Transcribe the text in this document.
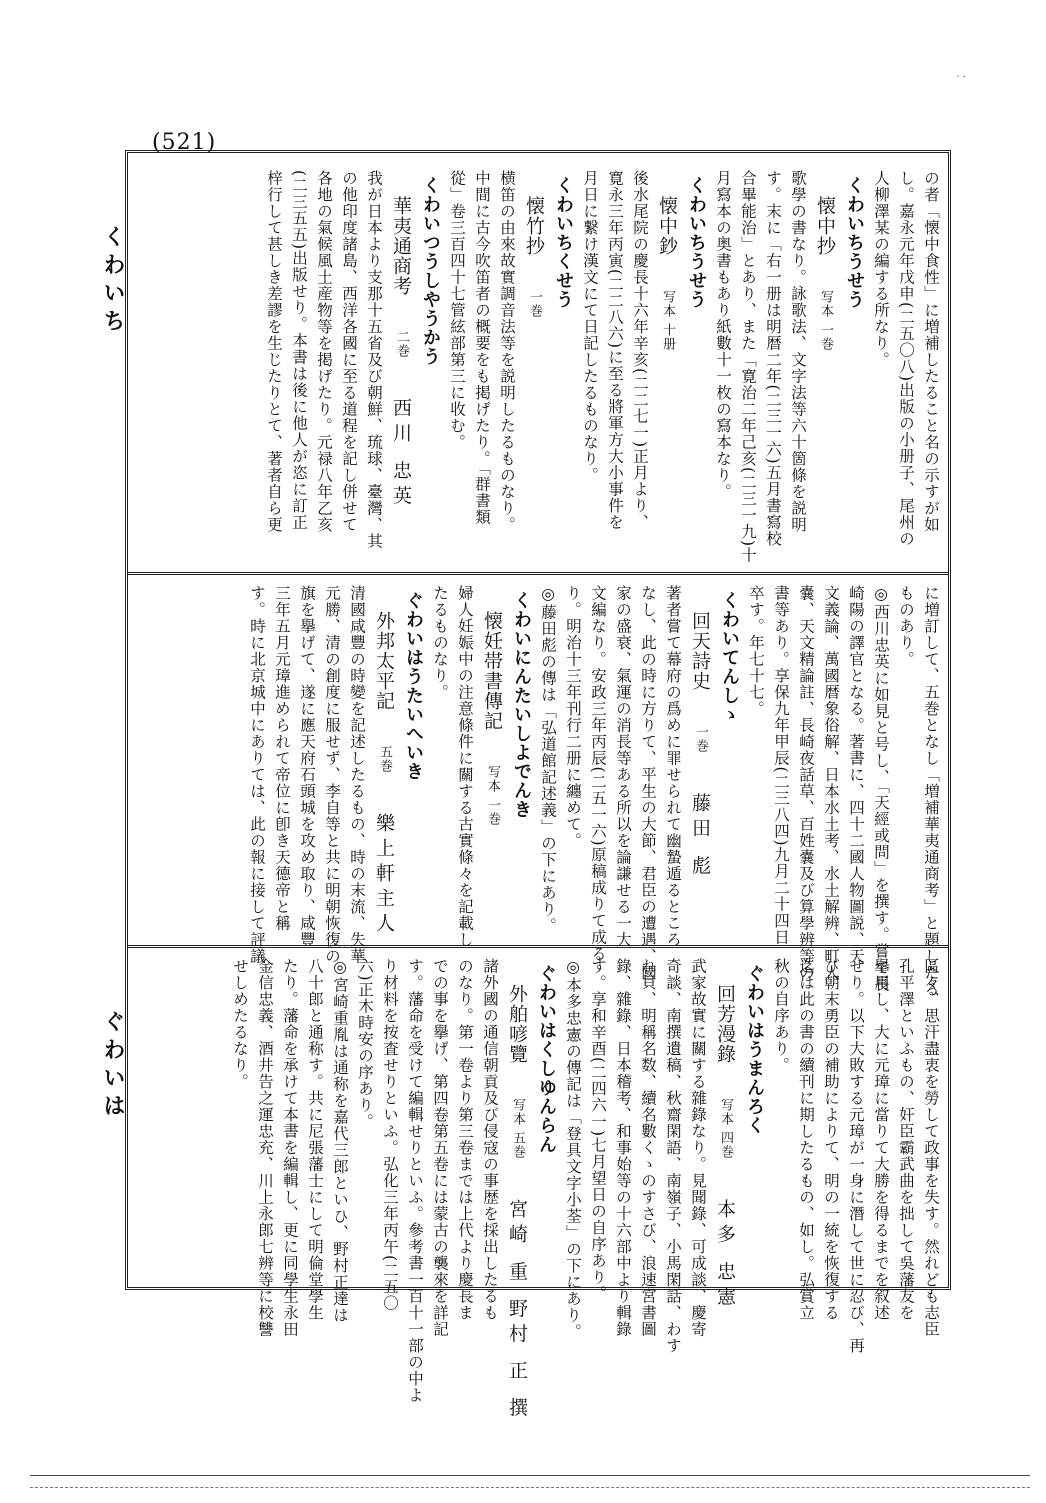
· ·
(521)
くわいち
ぐわいは
の者「懐中食性」に増補したること名の示すが如
し。嘉永元年戊申(二五〇八)出版の小册子、尾州の
人柳澤某の編する所なり。
くわいちうせう
懐中抄写本 一巻
歌學の書なり。詠歌法、文字法等六十箇條を説明
す。末に「右一册は明暦二年(二三一六)五月書寫校
合畢能治」とあり、また「寛治二年己亥(二三一九)十
月寫本の奥書もあり紙數十一枚の寫本なり。
くわいちうせう
懐中鈔写本 十册
後水尾院の慶長十六年辛亥(二二七一)正月より、
寛永三年丙寅(二二八六)に至る將軍方大小事件を
月日に繋け漢文にて日記したるものなり。
くわいちくせう
懐竹抄一巻
横笛の由來故實調音法等を説明したるものなり。
中間に古今吹笛者の概要をも掲げたり。「群書類
從」卷三百四十七管絃部第三に收む。
くわいつうしやうかう
華夷通商考二巻西川 忠英
我が日本より支那十五省及び朝鮮、琉球、臺灣、其
の他印度諸島、西洋各國に至る道程を記し併せて
各地の氣候風土産物等を掲げたり。元禄八年乙亥
(二三五五)出版せり。本書は後に他人が恣に訂正
梓行して甚しき差謬を生じたりとて、著者自ら更
に増訂して、五巻となし「増補華夷通商考」と題したる
ものあり。
◎西川忠英に如見と号し、「天經或問」を撰す。嘗て長
崎陽の譯官となる。著書に、四十二國人物圖説、天
文義論、萬國暦象俗解、日本水土考、水土解辨、町人
嚢、天文精論註、長崎夜話草、百姓嚢及び算學辨等の
書等あり。享保九年甲辰(二三八四)九月二十四日
卒す。年七十七。
くわいてんしゝ
回天詩史一巻藤田 彪
著者嘗て幕府の爲めに罪せられて幽蟄遁るところ
なし、此の時に方りて、平生の大節、君臣の遭遇、國
家の盛衰、氣運の消長等ある所以を論謙せる一大
文編なり。安政三年丙辰(二五一六)原稿成りて成る
り。明治十三年刊行二册に纏めて。
◎藤田彪の傳は「弘道館記述義」の下にあり。
くわいにんたいしよでんき
懐妊帯書傳記写本 一巻
婦人妊娠中の注意條件に關する古實條々を記載し
たるものなり。
ぐわいはうたいへいき
外邦太平記五巻樂上軒主人
清國咸豐の時變を記述したるもの、時の末流、失華
元勝、清の創度に服せず、李自等と共に明朝恢復の
旗を擧げて、遂に應天府石頭城を攻め取り、咸豐
三年五月元璋進められて帝位に卽き天德帝と稱
す。時に北京城中にありては、此の報に接して評議
區々、思汗盡衷を勞して政事を失す。然れども志臣
孔平澤といふもの、奸臣霸武曲を拙して吳藩友を
擧用し、大に元璋に當りて大勝を得るまでを叙述
せり。以下大敗する元璋が一身に潛して世に忍び、再
び朝末勇臣の補助によりて、明の一統を恢復する
迄は此の書の續刊に期したるもの、如し。弘賞立
秋の自序あり。
ぐわいはうまんろく
回芳漫錄写本 四巻本多 忠憲
武家故實に關する雜錄なり。見聞錄、可成談、慶寄
奇談、南撰遺稿、秋齋閑語、南嶺子、小馬閑話、わす
れ貝、明稱名数、續名數くゝのすさび、浪速宮書圖
錄、雜錄、日本稽考、和事始等の十六部中より輯錄
す。享和辛酉(二四六一)七月望日の自序あり。
◎本多忠憲の傳記は「登具文字小荃」の下にあり。
ぐわいはくしゆんらん
外舶喭覽写本 五巻宮崎 重 野村 正 撰
諸外國の通信朝貢及び侵寇の事歴を採出したるも
のなり。第一卷より第三卷までは上代より慶長ま
での事を擧げ、第四卷第五卷には蒙古の襲來を詳記
す。藩命を受けて編輯せりといふ。參考書一百十一部の中よ
り材料を按査せりといふ。弘化三年丙午(二五〇
六)正木時安の序あり。
◎宮崎重胤は通称を嘉代三郎といひ、野村正達は
八十郎と通称す。共に尼張藩士にして明倫堂學生
たり。藩命を承けて本書を編輯し、更に同學生永田
金信忠義、酒井告之運忠充、川上永郎七辨等に校讐
せしめたるなり。
